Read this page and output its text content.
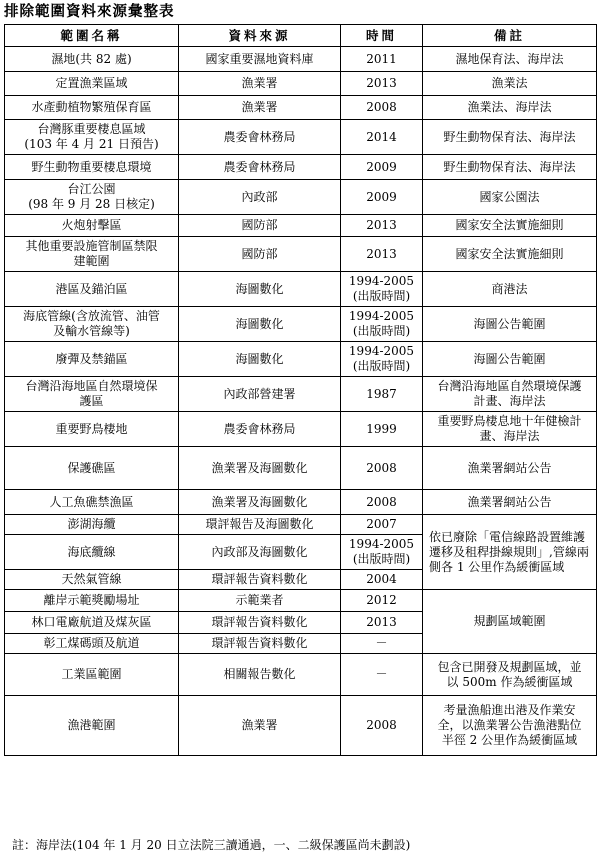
排除範圍資料來源彙整表
範圍名稱	資料來源	時間	備註

濕地(共 82 處)	國家重要濕地資料庫	2011	濕地保育法、海岸法

定置漁業區域	漁業署	2013	漁業法

水產動植物繁殖保育區	漁業署	2008	漁業法、海岸法

台灣豚重要棲息區域
(103 年 4 月 21 日預告)	農委會林務局	2014	野生動物保育法、海岸法

野生動物重要棲息環境	農委會林務局	2009	野生動物保育法、海岸法

台江公園
(98 年 9 月 28 日核定)	內政部	2009	國家公園法

火炮射擊區	國防部	2013	國家安全法實施細則

其他重要設施管制區禁限
建範圍	國防部	2013	國家安全法實施細則

港區及錨泊區	海圖數化	1994-2005
(出版時間)	商港法

海底管線(含放流管、油管
及輸水管線等)	海圖數化	1994-2005
(出版時間)	海圖公告範圍

廢彈及禁錨區	海圖數化	1994-2005
(出版時間)	海圖公告範圍

台灣沿海地區自然環境保
護區	內政部營建署	1987	台灣沿海地區自然環境保護
計畫、海岸法

重要野鳥棲地	農委會林務局	1999	重要野鳥棲息地十年健檢計
畫、海岸法

保護礁區	漁業署及海圖數化	2008	漁業署網站公告

人工魚礁禁漁區	漁業署及海圖數化	2008	漁業署網站公告

澎湖海纜	環評報告及海圖數化	2007	依已廢除「電信線路設置維護遷移及租稈掛線規則」,管線兩側各 1 公里作為緩衝區域

海底纜線	內政部及海圖數化	1994-2005
(出版時間)	

天然氣管線	環評報告資料數化	2004	

離岸示範獎勵場址	示範業者	2012	規劃區域範圍

林口電廠航道及煤灰區	環評報告資料數化	2013	

彰工煤碼頭及航道	環評報告資料數化	－	

工業區範圍	相關報告數化	－	包含已開發及規劃區域，並
以 500m 作為緩衝區域

漁港範圍	漁業署	2008	考量漁船進出港及作業安
全，以漁業署公告漁港點位
半徑 2 公里作為緩衝區域
註：海岸法(104 年 1 月 20 日立法院三讀通過，一、二級保護區尚未劃設)
